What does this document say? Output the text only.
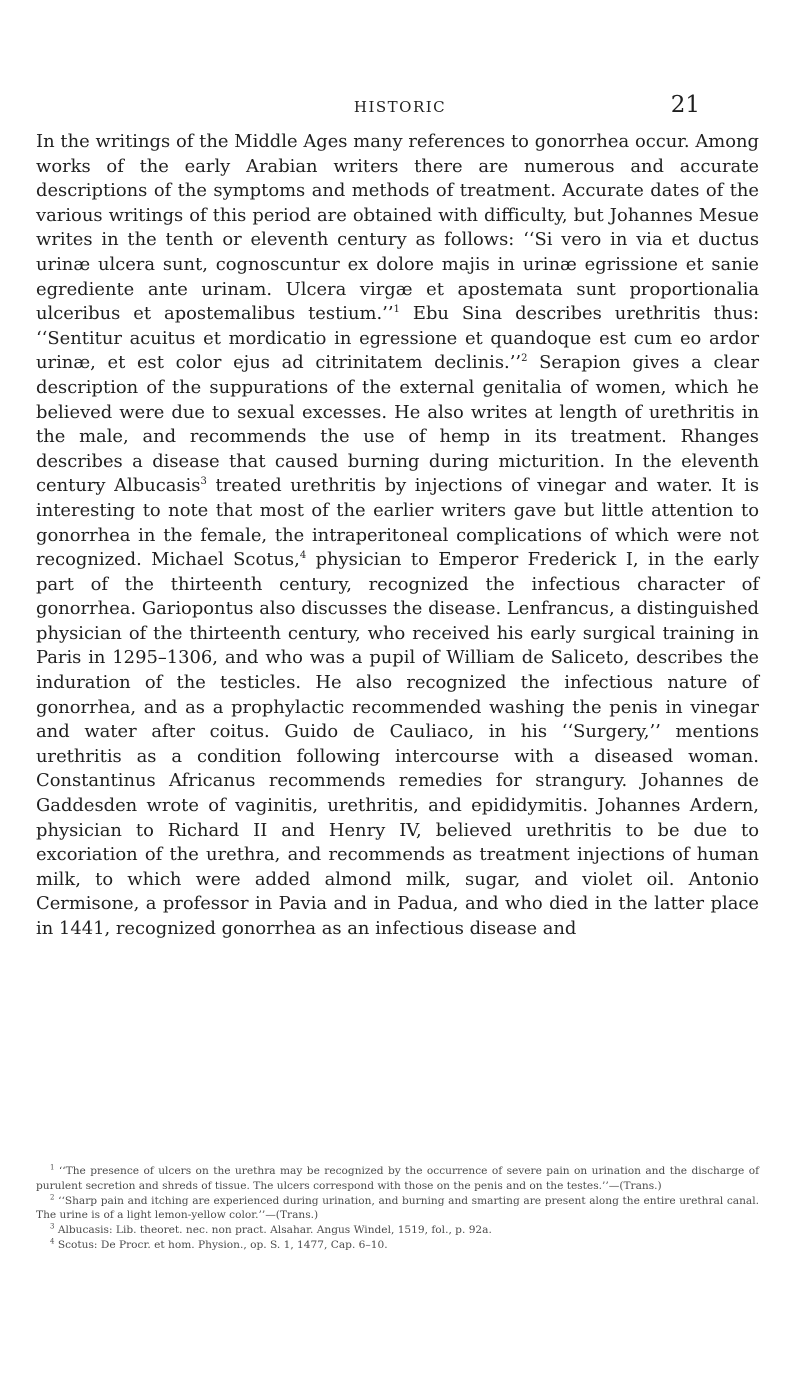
HISTORIC	21

In the writings of the Middle Ages many references to gonorrhea occur. Among works of the early Arabian writers there are numerous and accurate descriptions of the symptoms and methods of treatment. Accurate dates of the various writings of this period are obtained with difficulty, but Johannes Mesue writes in the tenth or eleventh century as follows: ‘‘Si vero in via et ductus urinæ ulcera sunt, cognoscuntur ex dolore majis in urinæ egrissione et sanie egrediente ante urinam. Ulcera virgæ et apostemata sunt proportionalia ulceribus et apostemalibus testium.’’$^1$ Ebu Sina describes urethritis thus: ‘‘Sentitur acuitus et mordicatio in egressione et quandoque est cum eo ardor urinæ, et est color ejus ad citrinitatem declinis.’’$^2$ Serapion gives a clear description of the suppurations of the external genitalia of women, which he believed were due to sexual excesses. He also writes at length of urethritis in the male, and recommends the use of hemp in its treatment. Rhanges describes a disease that caused burning during micturition. In the eleventh century Albucasis$^3$ treated urethritis by injections of vinegar and water. It is interesting to note that most of the earlier writers gave but little attention to gonorrhea in the female, the intraperitoneal complications of which were not recognized. Michael Scotus,$^4$ physician to Emperor Frederick I, in the early part of the thirteenth century, recognized the infectious character of gonorrhea. Gariopontus also discusses the disease. Lenfrancus, a distinguished physician of the thirteenth century, who received his early surgical training in Paris in 1295–1306, and who was a pupil of William de Saliceto, describes the induration of the testicles. He also recognized the infectious nature of gonorrhea, and as a prophylactic recommended washing the penis in vinegar and water after coitus. Guido de Cauliaco, in his ‘‘Surgery,’’ mentions urethritis as a condition following intercourse with a diseased woman. Constantinus Africanus recommends remedies for strangury. Johannes de Gaddesden wrote of vaginitis, urethritis, and epididymitis. Johannes Ardern, physician to Richard II and Henry IV, believed urethritis to be due to excoriation of the urethra, and recommends as treatment injections of human milk, to which were added almond milk, sugar, and violet oil. Antonio Cermisone, a professor in Pavia and in Padua, and who died in the latter place in 1441, recognized gonorrhea as an infectious disease and

$^1$ ‘‘The presence of ulcers on the urethra may be recognized by the occurrence of severe pain on urination and the discharge of purulent secretion and shreds of tissue. The ulcers correspond with those on the penis and on the testes.’’—(Trans.)

$^2$ ‘‘Sharp pain and itching are experienced during urination, and burning and smarting are present along the entire urethral canal. The urine is of a light lemon-yellow color.’’—(Trans.)

$^3$ Albucasis: Lib. theoret. nec. non pract. Alsahar. Angus Windel, 1519, fol., p. 92a.

$^4$ Scotus: De Procr. et hom. Physion., op. S. 1, 1477, Cap. 6–10.
